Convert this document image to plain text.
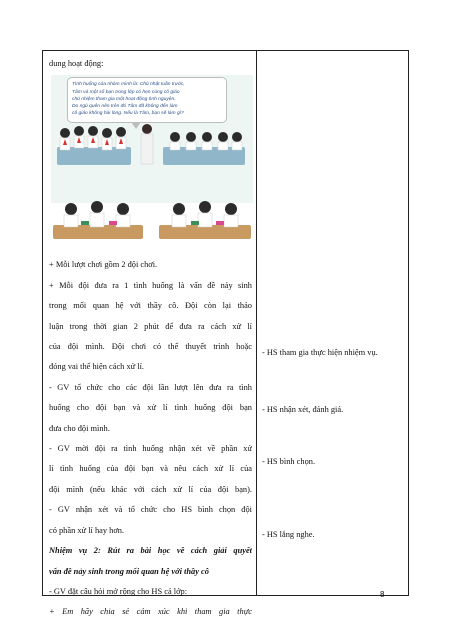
dung hoạt động:
Tình huống của nhóm mình là: Chủ nhật tuần trước,
Tâm và một số bạn trong lớp có hẹn cùng cô giáo
chủ nhiệm tham gia một hoạt động tình nguyện.
Do ngủ quên nên trên đó Tâm đã không đến làm
cô giáo không hài lòng. Nếu là Tâm, bạn sẽ làm gì?
+ Mỗi lượt chơi gồm 2 đội chơi.
+ Mỗi đội đưa ra 1 tình huống là vấn đề nảy sinh
trong mối quan hệ với thầy cô. Đội còn lại thảo
luận trong thời gian 2 phút để đưa ra cách xử lí
của đội mình. Đội chơi có thể thuyết trình hoặc
đóng vai thể hiện cách xử lí.
- GV tổ chức cho các đội lần lượt lên đưa ra tình
huống cho đội bạn và xử lí tình huống đội bạn
đưa cho đội mình.
- GV mời đội ra tình huống nhận xét về phần xử
lí tình huống của đội bạn và nêu cách xử lí của
đội mình (nếu khác với cách xử lí của đội bạn).
- GV nhận xét và tổ chức cho HS bình chọn đội
có phần xử lí hay hơn.
Nhiệm vụ 2: Rút ra bài học về cách giải quyết
vấn đề nảy sinh trong mối quan hệ với thầy cô
- GV đặt câu hỏi mở rộng cho HS cả lớp:
+ Em hãy chia sẻ cảm xúc khi tham gia thực
- HS tham gia thực hiện nhiệm vụ.
- HS nhận xét, đánh giá.
- HS bình chọn.
- HS lắng nghe.
8
